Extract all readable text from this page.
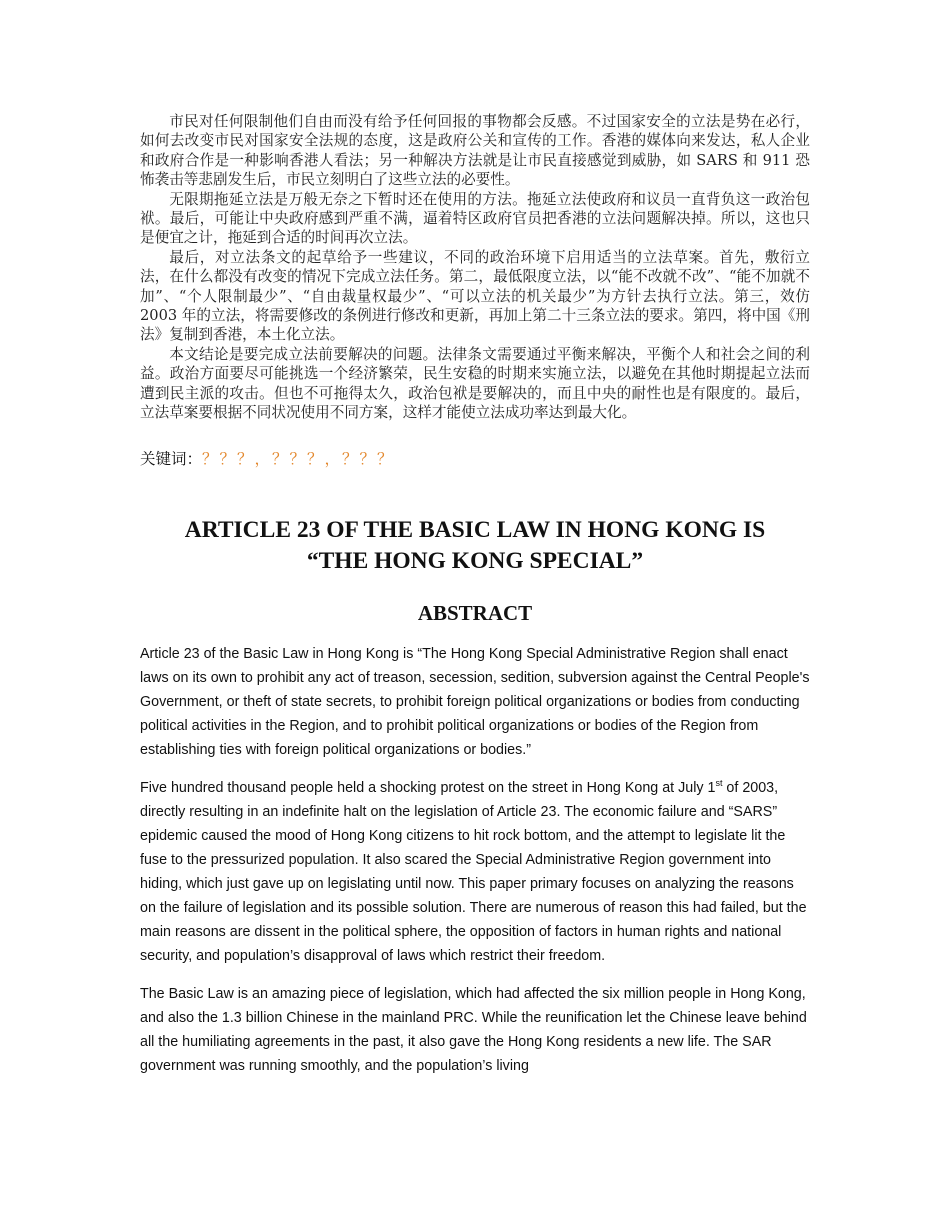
市民对任何限制他们自由而没有给予任何回报的事物都会反感。不过国家安全的立法是势在必行，如何去改变市民对国家安全法规的态度，这是政府公关和宣传的工作。香港的媒体向来发达，私人企业和政府合作是一种影响香港人看法；另一种解决方法就是让市民直接感觉到威胁，如 SARS 和 911 恐怖袭击等悲剧发生后，市民立刻明白了这些立法的必要性。

无限期拖延立法是万般无奈之下暂时还在使用的方法。拖延立法使政府和议员一直背负这一政治包袱。最后，可能让中央政府感到严重不满，逼着特区政府官员把香港的立法问题解决掉。所以，这也只是便宜之计，拖延到合适的时间再次立法。

最后，对立法条文的起草给予一些建议，不同的政治环境下启用适当的立法草案。首先，敷衍立法，在什么都没有改变的情况下完成立法任务。第二，最低限度立法，以“能不改就不改”、“能不加就不加”、“个人限制最少”、“自由裁量权最少”、“可以立法的机关最少”为方针去执行立法。第三，效仿 2003 年的立法，将需要修改的条例进行修改和更新，再加上第二十三条立法的要求。第四，将中国《刑法》复制到香港，本土化立法。

本文结论是要完成立法前要解决的问题。法律条文需要通过平衡来解决，平衡个人和社会之间的利益。政治方面要尽可能挑选一个经济繁荣，民生安稳的时期来实施立法，以避免在其他时期提起立法而遭到民主派的攻击。但也不可拖得太久，政治包袱是要解决的，而且中央的耐性也是有限度的。最后，立法草案要根据不同状况使用不同方案，这样才能使立法成功率达到最大化。

关键词：？？？，？？？，？？？

ARTICLE 23 OF THE BASIC LAW IN HONG KONG IS
“THE HONG KONG SPECIAL”
ABSTRACT

Article 23 of the Basic Law in Hong Kong is “The Hong Kong Special Administrative Region shall enact laws on its own to prohibit any act of treason, secession, sedition, subversion against the Central People's Government, or theft of state secrets, to prohibit foreign political organizations or bodies from conducting political activities in the Region, and to prohibit political organizations or bodies of the Region from establishing ties with foreign political organizations or bodies.”

Five hundred thousand people held a shocking protest on the street in Hong Kong at July 1st of 2003, directly resulting in an indefinite halt on the legislation of Article 23. The economic failure and “SARS” epidemic caused the mood of Hong Kong citizens to hit rock bottom, and the attempt to legislate lit the fuse to the pressurized population. It also scared the Special Administrative Region government into hiding, which just gave up on legislating until now. This paper primary focuses on analyzing the reasons on the failure of legislation and its possible solution. There are numerous of reason this had failed, but the main reasons are dissent in the political sphere, the opposition of factors in human rights and national security, and population’s disapproval of laws which restrict their freedom.

The Basic Law is an amazing piece of legislation, which had affected the six million people in Hong Kong, and also the 1.3 billion Chinese in the mainland PRC. While the reunification let the Chinese leave behind all the humiliating agreements in the past, it also gave the Hong Kong residents a new life. The SAR government was running smoothly, and the population’s living
